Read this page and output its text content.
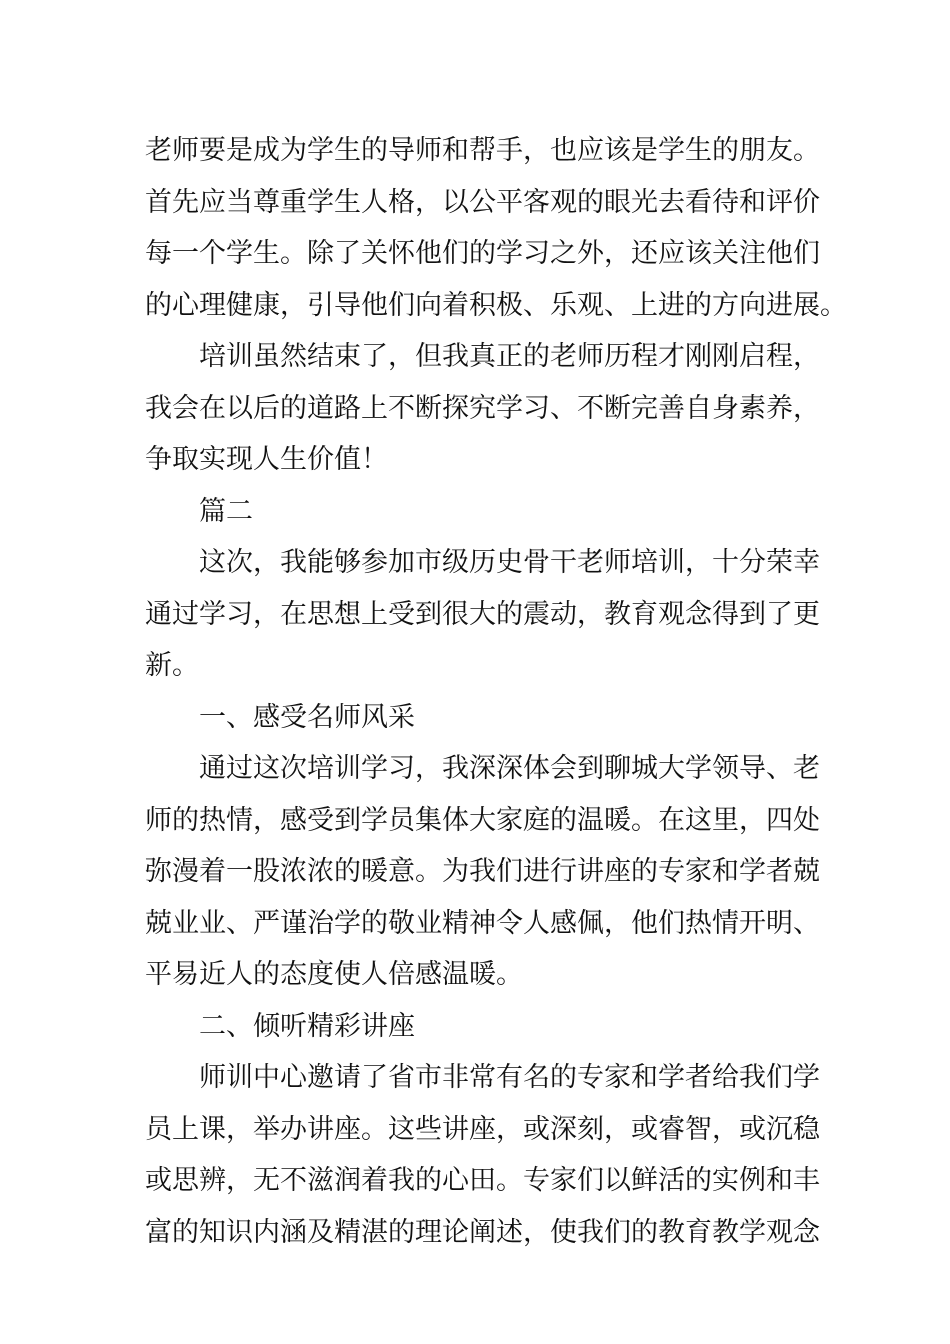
老师要是成为学生的导师和帮手，也应该是学生的朋友。
首先应当尊重学生人格，以公平客观的眼光去看待和评价
每一个学生。除了关怀他们的学习之外，还应该关注他们
的心理健康，引导他们向着积极、乐观、上进的方向进展。
培训虽然结束了，但我真正的老师历程才刚刚启程，
我会在以后的道路上不断探究学习、不断完善自身素养，
争取实现人生价值！
篇二
这次，我能够参加市级历史骨干老师培训，十分荣幸
通过学习，在思想上受到很大的震动，教育观念得到了更
新。
一、感受名师风采
通过这次培训学习，我深深体会到聊城大学领导、老
师的热情，感受到学员集体大家庭的温暖。在这里，四处
弥漫着一股浓浓的暖意。为我们进行讲座的专家和学者兢
兢业业、严谨治学的敬业精神令人感佩，他们热情开明、
平易近人的态度使人倍感温暖。
二、倾听精彩讲座
师训中心邀请了省市非常有名的专家和学者给我们学
员上课，举办讲座。这些讲座，或深刻，或睿智，或沉稳
或思辨，无不滋润着我的心田。专家们以鲜活的实例和丰
富的知识内涵及精湛的理论阐述，使我们的教育教学观念
